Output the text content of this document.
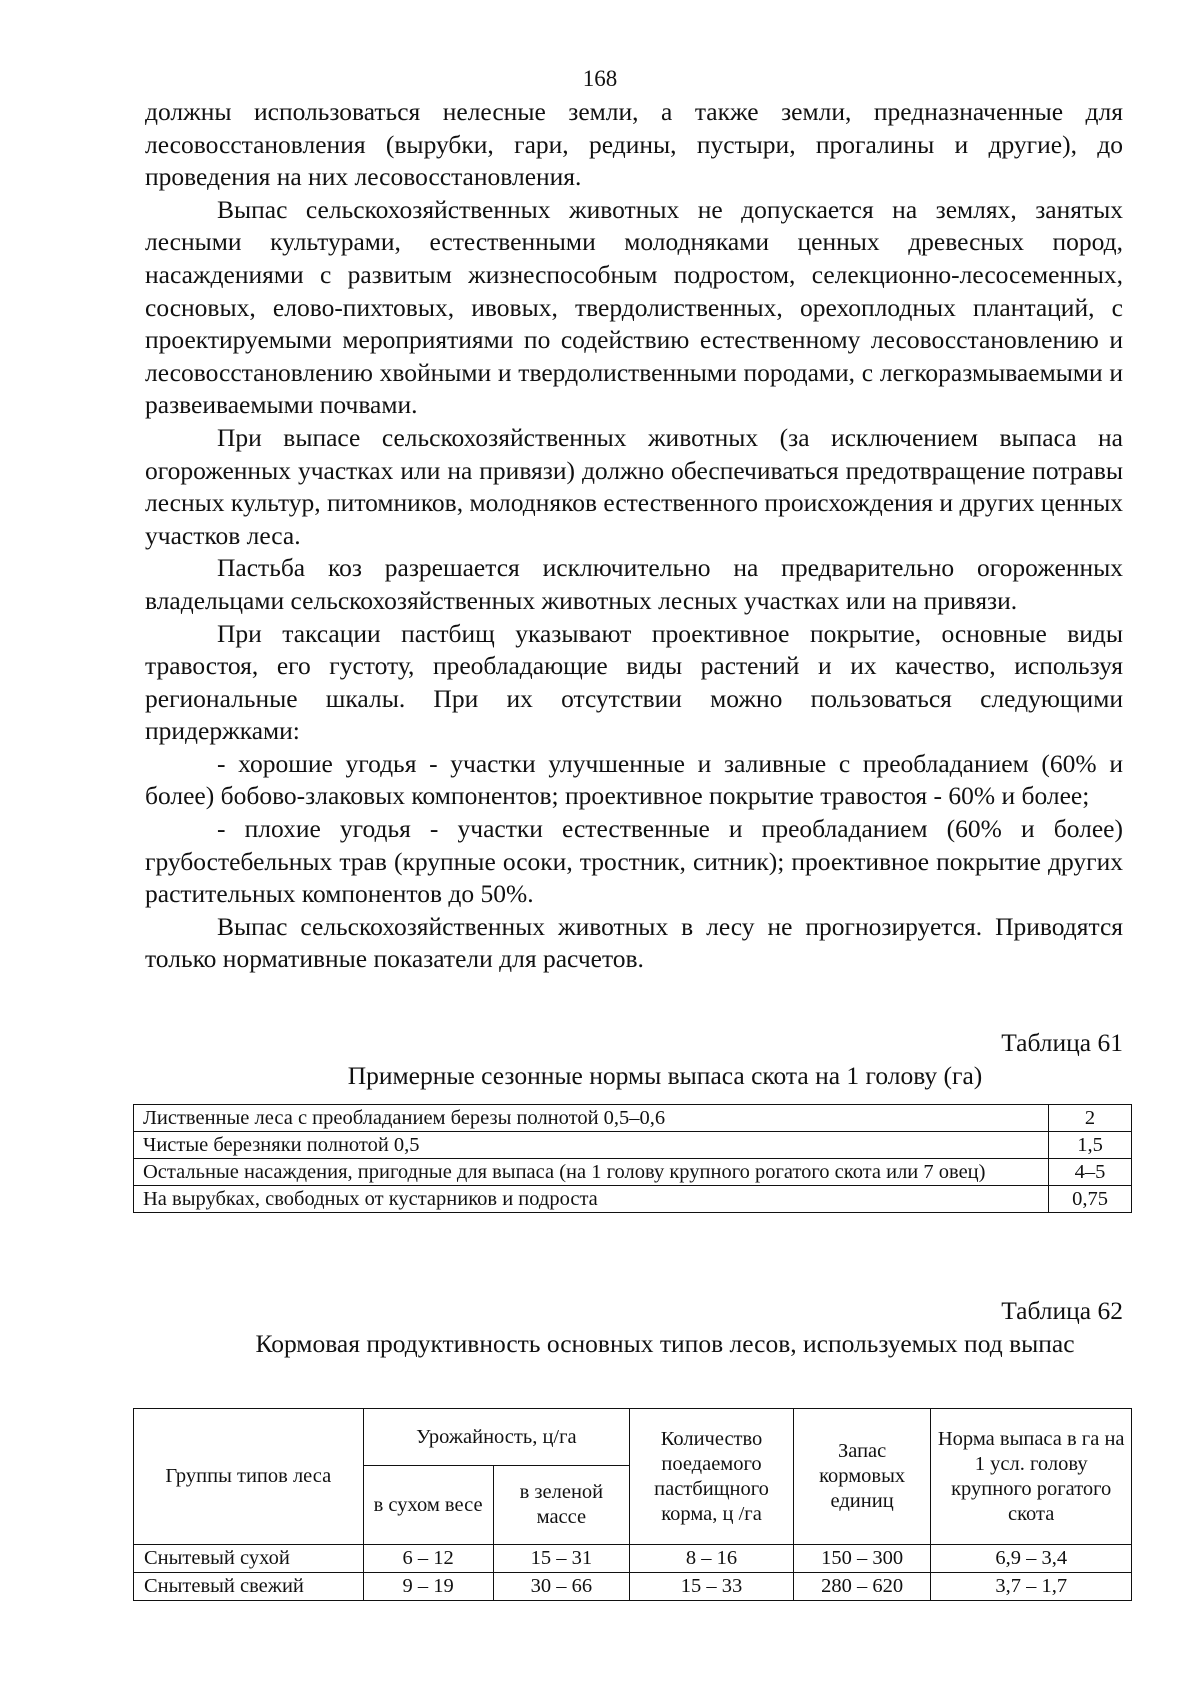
168

должны использоваться нелесные земли, а также земли, предназначенные для лесовосстановления (вырубки, гари, редины, пустыри, прогалины и другие), до проведения на них лесовосстановления.

Выпас сельскохозяйственных животных не допускается на землях, занятых лесными культурами, естественными молодняками ценных древесных пород, насаждениями с развитым жизнеспособным подростом, селекционно-лесосеменных, сосновых, елово-пихтовых, ивовых, твердолиственных, орехоплодных плантаций, с проектируемыми мероприятиями по содействию естественному лесовосстановлению и лесовосстановлению хвойными и твердолиственными породами, с легкоразмываемыми и развеиваемыми почвами.

При выпасе сельскохозяйственных животных (за исключением выпаса на огороженных участках или на привязи) должно обеспечиваться предотвращение потравы лесных культур, питомников, молодняков естественного происхождения и других ценных участков леса.

Пастьба коз разрешается исключительно на предварительно огороженных владельцами сельскохозяйственных животных лесных участках или на привязи.

При таксации пастбищ указывают проективное покрытие, основные виды травостоя, его густоту, преобладающие виды растений и их качество, используя региональные шкалы. При их отсутствии можно пользоваться следующими придержками:

- хорошие угодья - участки улучшенные и заливные с преобладанием (60% и более) бобово-злаковых компонентов; проективное покрытие травостоя - 60% и более;

- плохие угодья - участки естественные и преобладанием (60% и более) грубостебельных трав (крупные осоки, тростник, ситник); проективное покрытие других растительных компонентов до 50%.

Выпас сельскохозяйственных животных в лесу не прогнозируется. Приводятся только нормативные показатели для расчетов.

Таблица 61
Примерные сезонные нормы выпаса скота на 1 голову (га)
Лиственные леса с преобладанием березы полнотой 0,5–0,6	2
Чистые березняки полнотой 0,5	1,5
Остальные насаждения, пригодные для выпаса (на 1 голову крупного рогатого скота или 7 овец)	4–5
На вырубках, свободных от кустарников и подроста	0,75
Таблица 62
Кормовая продуктивность основных типов лесов, используемых под выпас
Группы типов леса	Урожайность, ц/га		Количество поедаемого пастбищного корма, ц /га	Запас кормовых единиц	Норма выпаса в га на 1 усл. голову крупного рогатого скота
	в сухом весе	в зеленой массе			
Снытевый сухой	6 – 12	15 – 31	8 – 16	150 – 300	6,9 – 3,4
Снытевый свежий	9 – 19	30 – 66	15 – 33	280 – 620	3,7 – 1,7
